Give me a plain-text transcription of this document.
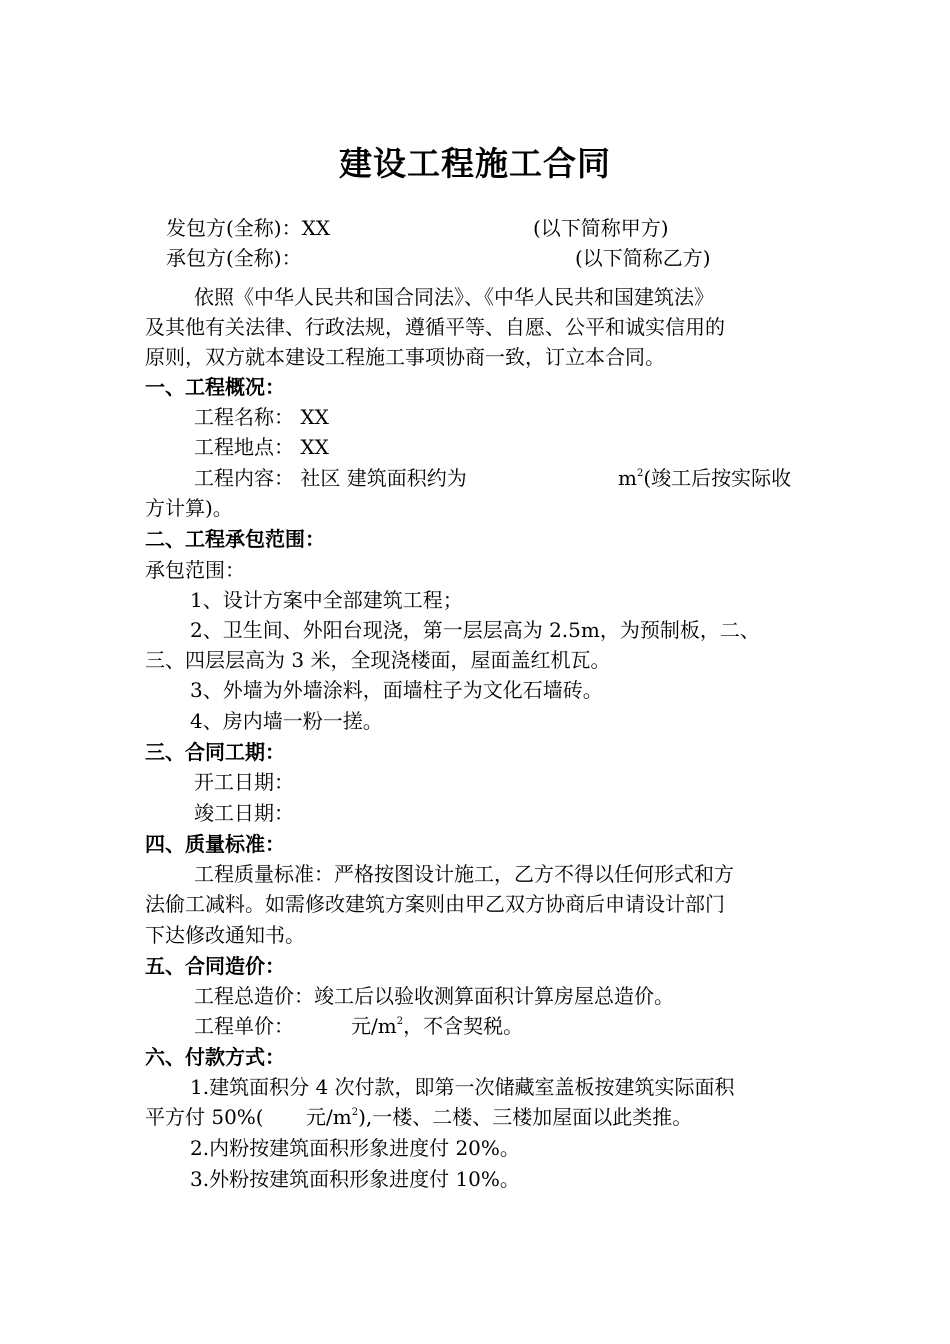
建设工程施工合同
发包方(全称)：XX	(以下简称甲方)
承包方(全称)：	(以下简称乙方)
依照《中华人民共和国合同法》、《中华人民共和国建筑法》
及其他有关法律、行政法规，遵循平等、自愿、公平和诚实信用的
原则，双方就本建设工程施工事项协商一致，订立本合同。
一、工程概况：
工程名称： XX
工程地点： XX
工程内容： 社区 建筑面积约为	$m^2$(竣工后按实际收
方计算)。
二、工程承包范围：
承包范围：
1、设计方案中全部建筑工程；
2、卫生间、外阳台现浇，第一层层高为 2.5m，为预制板，二、
三、四层层高为 3 米，全现浇楼面，屋面盖红机瓦。
3、外墙为外墙涂料，面墙柱子为文化石墙砖。
4、房内墙一粉一搓。
三、合同工期：
开工日期：
竣工日期：
四、质量标准：
工程质量标准：严格按图设计施工，乙方不得以任何形式和方
法偷工减料。如需修改建筑方案则由甲乙双方协商后申请设计部门
下达修改通知书。
五、合同造价：
工程总造价：竣工后以验收测算面积计算房屋总造价。
工程单价：	元$/m^2$，不含契税。
六、付款方式：
1.建筑面积分 4 次付款，即第一次储藏室盖板按建筑实际面积
平方付 50%( 元$/m^2$),一楼、二楼、三楼加屋面以此类推。
2.内粉按建筑面积形象进度付 20%。
3.外粉按建筑面积形象进度付 10%。
